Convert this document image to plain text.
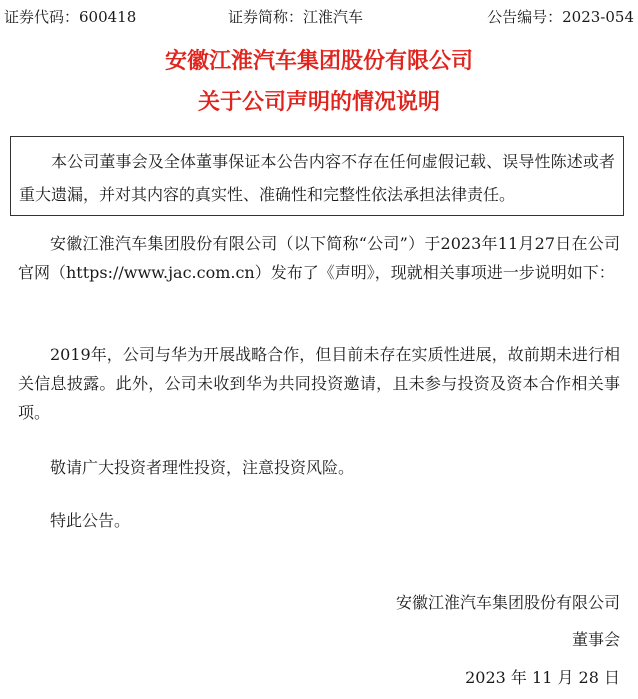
证券代码：600418	证券简称：江淮汽车	公告编号：2023-054
安徽江淮汽车集团股份有限公司
关于公司声明的情况说明
本公司董事会及全体董事保证本公告内容不存在任何虚假记载、误导性陈述或者重大遗漏，并对其内容的真实性、准确性和完整性依法承担法律责任。
安徽江淮汽车集团股份有限公司（以下简称“公司”）于2023年11月27日在公司官网（https://www.jac.com.cn）发布了《声明》，现就相关事项进一步说明如下：
2019年，公司与华为开展战略合作，但目前未存在实质性进展，故前期未进行相关信息披露。此外，公司未收到华为共同投资邀请，且未参与投资及资本合作相关事项。
敬请广大投资者理性投资，注意投资风险。
特此公告。
安徽江淮汽车集团股份有限公司
董事会
2023 年 11 月 28 日
